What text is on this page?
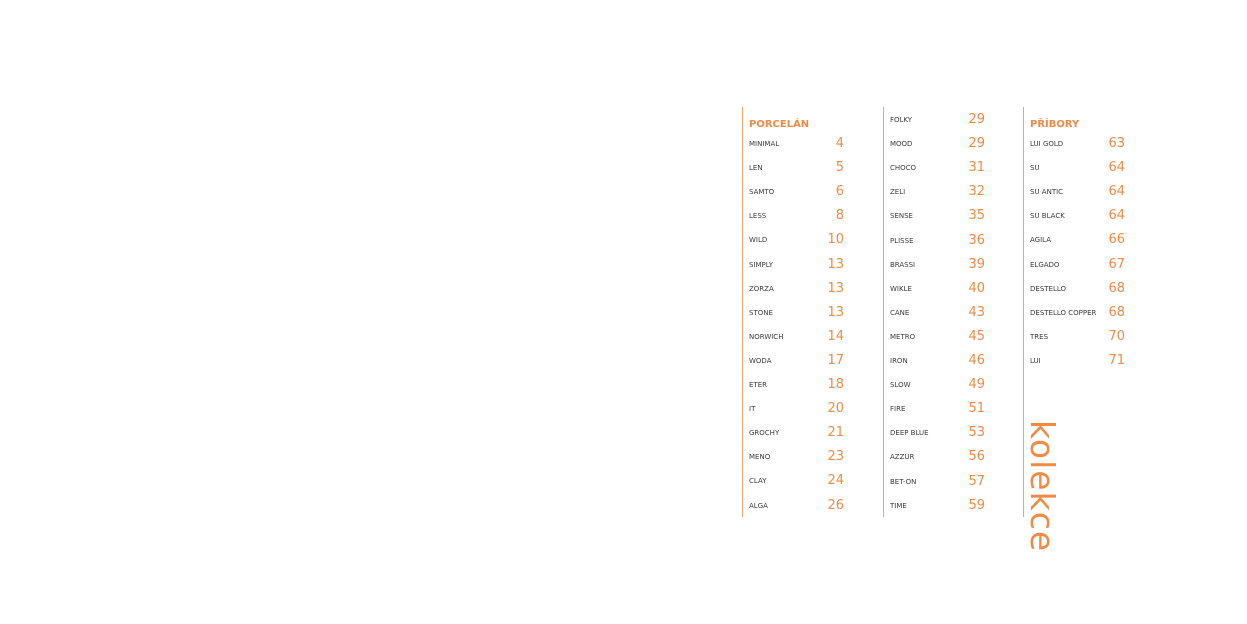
PORCELÁN
MINIMAL	4
LEN	5
SAMTO	6
LESS	8
WILD	10
SIMPLY	13
ZORZA	13
STONE	13
NORWICH	14
WODA	17
ETER	18
IT	20
GROCHY	21
MENO	23
CLAY	24
ALGA	26
FOLKY	29
MOOD	29
CHOCO	31
ZELI	32
SENSE	35
PLISSE	36
BRASSI	39
WIKLE	40
CANE	43
METRO	45
IRON	46
SLOW	49
FIRE	51
DEEP BLUE	53
AZZUR	56
BET-ON	57
TIME	59
PŘÍBORY
LUI GOLD	63
SU	64
SU ANTIC	64
SU BLACK	64
AGILA	66
ELGADO	67
DESTELLO	68
DESTELLO COPPER 68
TRES	70
LUI	71
kolekce
